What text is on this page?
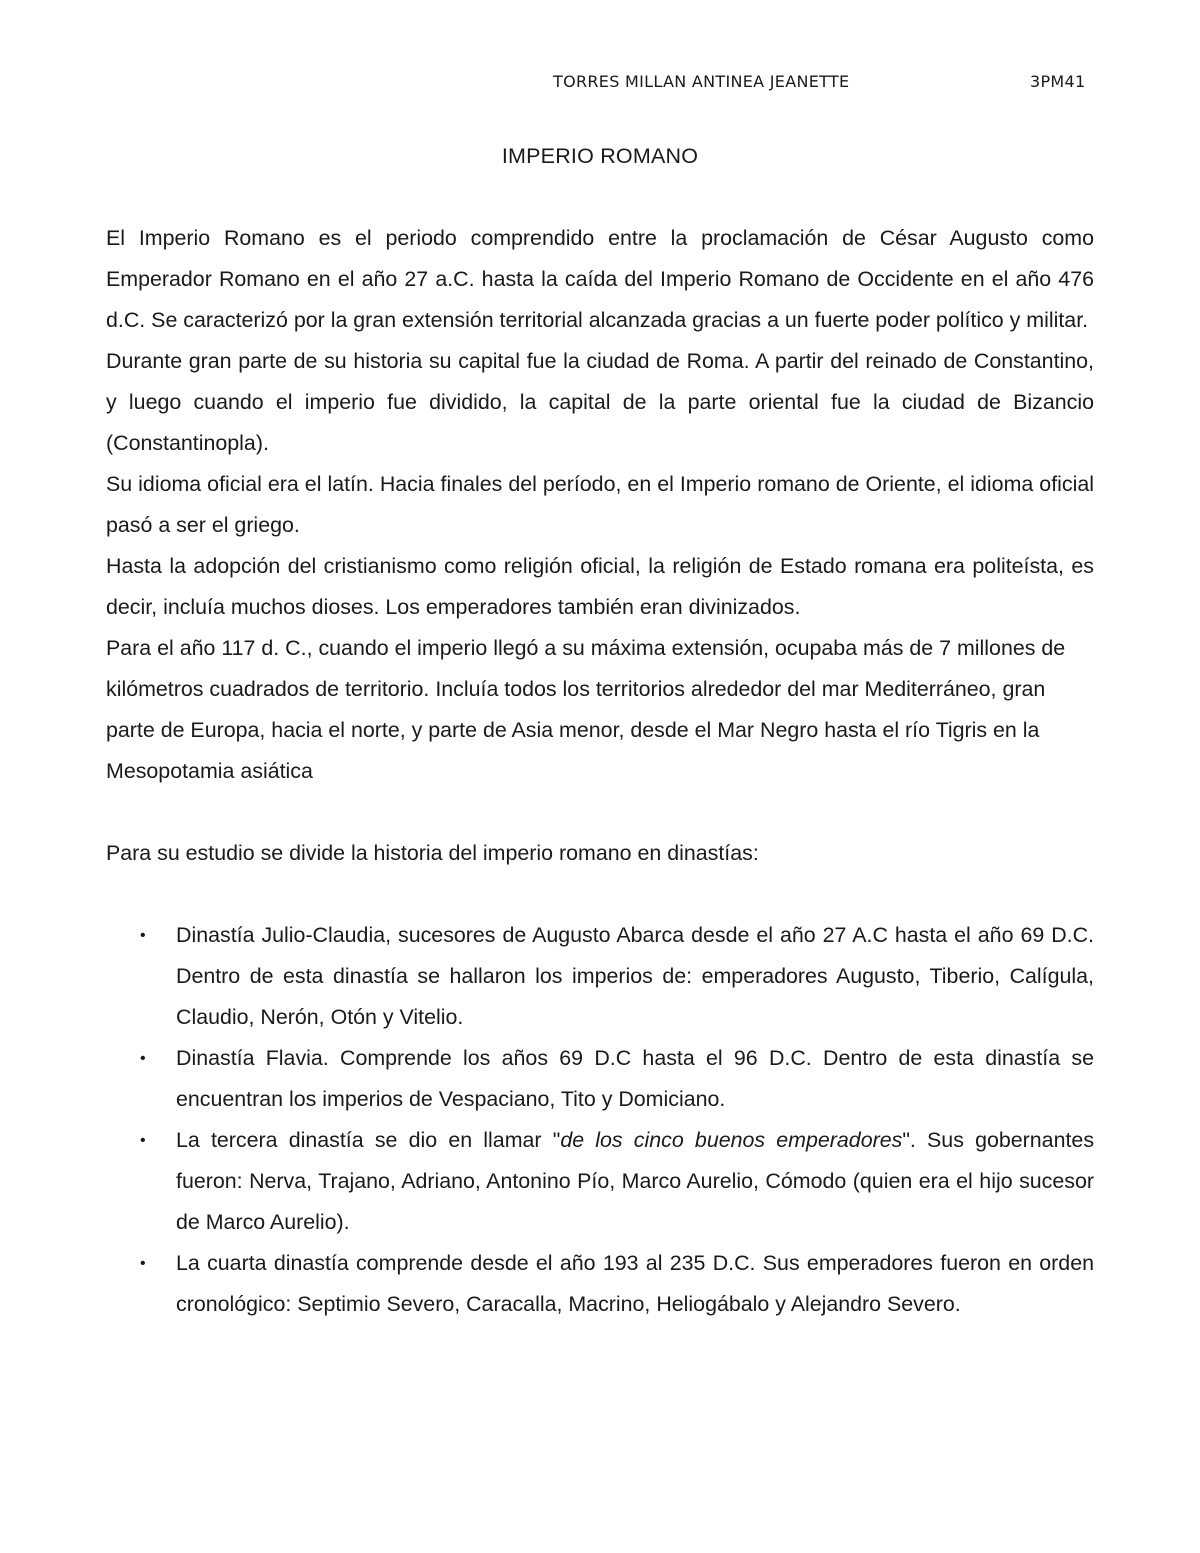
TORRES MILLAN ANTINEA JEANETTE	3PM41
IMPERIO ROMANO

El Imperio Romano es el periodo comprendido entre la proclamación de César Augusto como Emperador Romano en el año 27 a.C. hasta la caída del Imperio Romano de Occidente en el año 476 d.C. Se caracterizó por la gran extensión territorial alcanzada gracias a un fuerte poder político y militar.

Durante gran parte de su historia su capital fue la ciudad de Roma. A partir del reinado de Constantino, y luego cuando el imperio fue dividido, la capital de la parte oriental fue la ciudad de Bizancio (Constantinopla).

Su idioma oficial era el latín. Hacia finales del período, en el Imperio romano de Oriente, el idioma oficial pasó a ser el griego.

Hasta la adopción del cristianismo como religión oficial, la religión de Estado romana era politeísta, es decir, incluía muchos dioses. Los emperadores también eran divinizados.

Para el año 117 d. C., cuando el imperio llegó a su máxima extensión, ocupaba más de 7 millones de kilómetros cuadrados de territorio. Incluía todos los territorios alrededor del mar Mediterráneo, gran parte de Europa, hacia el norte, y parte de Asia menor, desde el Mar Negro hasta el río Tigris en la Mesopotamia asiática

Para su estudio se divide la historia del imperio romano en dinastías:

• Dinastía Julio-Claudia, sucesores de Augusto Abarca desde el año 27 A.C hasta el año 69 D.C. Dentro de esta dinastía se hallaron los imperios de: emperadores Augusto, Tiberio, Calígula, Claudio, Nerón, Otón y Vitelio.
• Dinastía Flavia. Comprende los años 69 D.C hasta el 96 D.C. Dentro de esta dinastía se encuentran los imperios de Vespaciano, Tito y Domiciano.
• La tercera dinastía se dio en llamar "de los cinco buenos emperadores". Sus gobernantes fueron: Nerva, Trajano, Adriano, Antonino Pío, Marco Aurelio, Cómodo (quien era el hijo sucesor de Marco Aurelio).
• La cuarta dinastía comprende desde el año 193 al 235 D.C. Sus emperadores fueron en orden cronológico: Septimio Severo, Caracalla, Macrino, Heliogábalo y Alejandro Severo.
